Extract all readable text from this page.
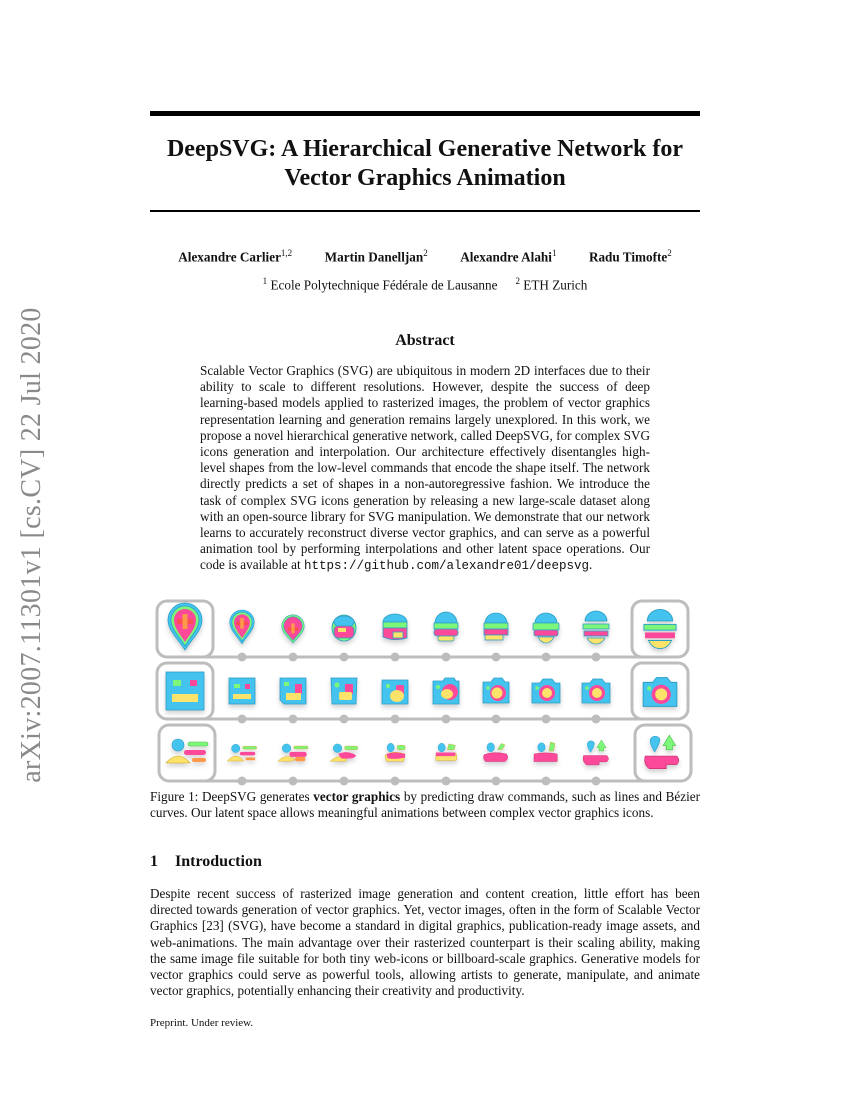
arXiv:2007.11301v1 [cs.CV] 22 Jul 2020
DeepSVG: A Hierarchical Generative Network for
Vector Graphics Animation
Alexandre Carlier$^{1,2}$ Martin Danelljan$^2$ Alexandre Alahi$^1$ Radu Timofte$^2$
$^1$ Ecole Polytechnique Fédérale de Lausanne $^2$ ETH Zurich
Abstract
Scalable Vector Graphics (SVG) are ubiquitous in modern 2D interfaces due to their ability to scale to different resolutions. However, despite the success of deep learning-based models applied to rasterized images, the problem of vector graphics representation learning and generation remains largely unexplored. In this work, we propose a novel hierarchical generative network, called DeepSVG, for complex SVG icons generation and interpolation. Our architecture effectively disentangles high-level shapes from the low-level commands that encode the shape itself. The network directly predicts a set of shapes in a non-autoregressive fashion. We introduce the task of complex SVG icons generation by releasing a new large-scale dataset along with an open-source library for SVG manipulation. We demonstrate that our network learns to accurately reconstruct diverse vector graphics, and can serve as a powerful animation tool by performing interpolations and other latent space operations. Our code is available at https://github.com/alexandre01/deepsvg.
Figure 1: DeepSVG generates vector graphics by predicting draw commands, such as lines and Bézier curves. Our latent space allows meaningful animations between complex vector graphics icons.
1 Introduction
Despite recent success of rasterized image generation and content creation, little effort has been directed towards generation of vector graphics. Yet, vector images, often in the form of Scalable Vector Graphics [23] (SVG), have become a standard in digital graphics, publication-ready image assets, and web-animations. The main advantage over their rasterized counterpart is their scaling ability, making the same image file suitable for both tiny web-icons or billboard-scale graphics. Generative models for vector graphics could serve as powerful tools, allowing artists to generate, manipulate, and animate vector graphics, potentially enhancing their creativity and productivity.
Preprint. Under review.
